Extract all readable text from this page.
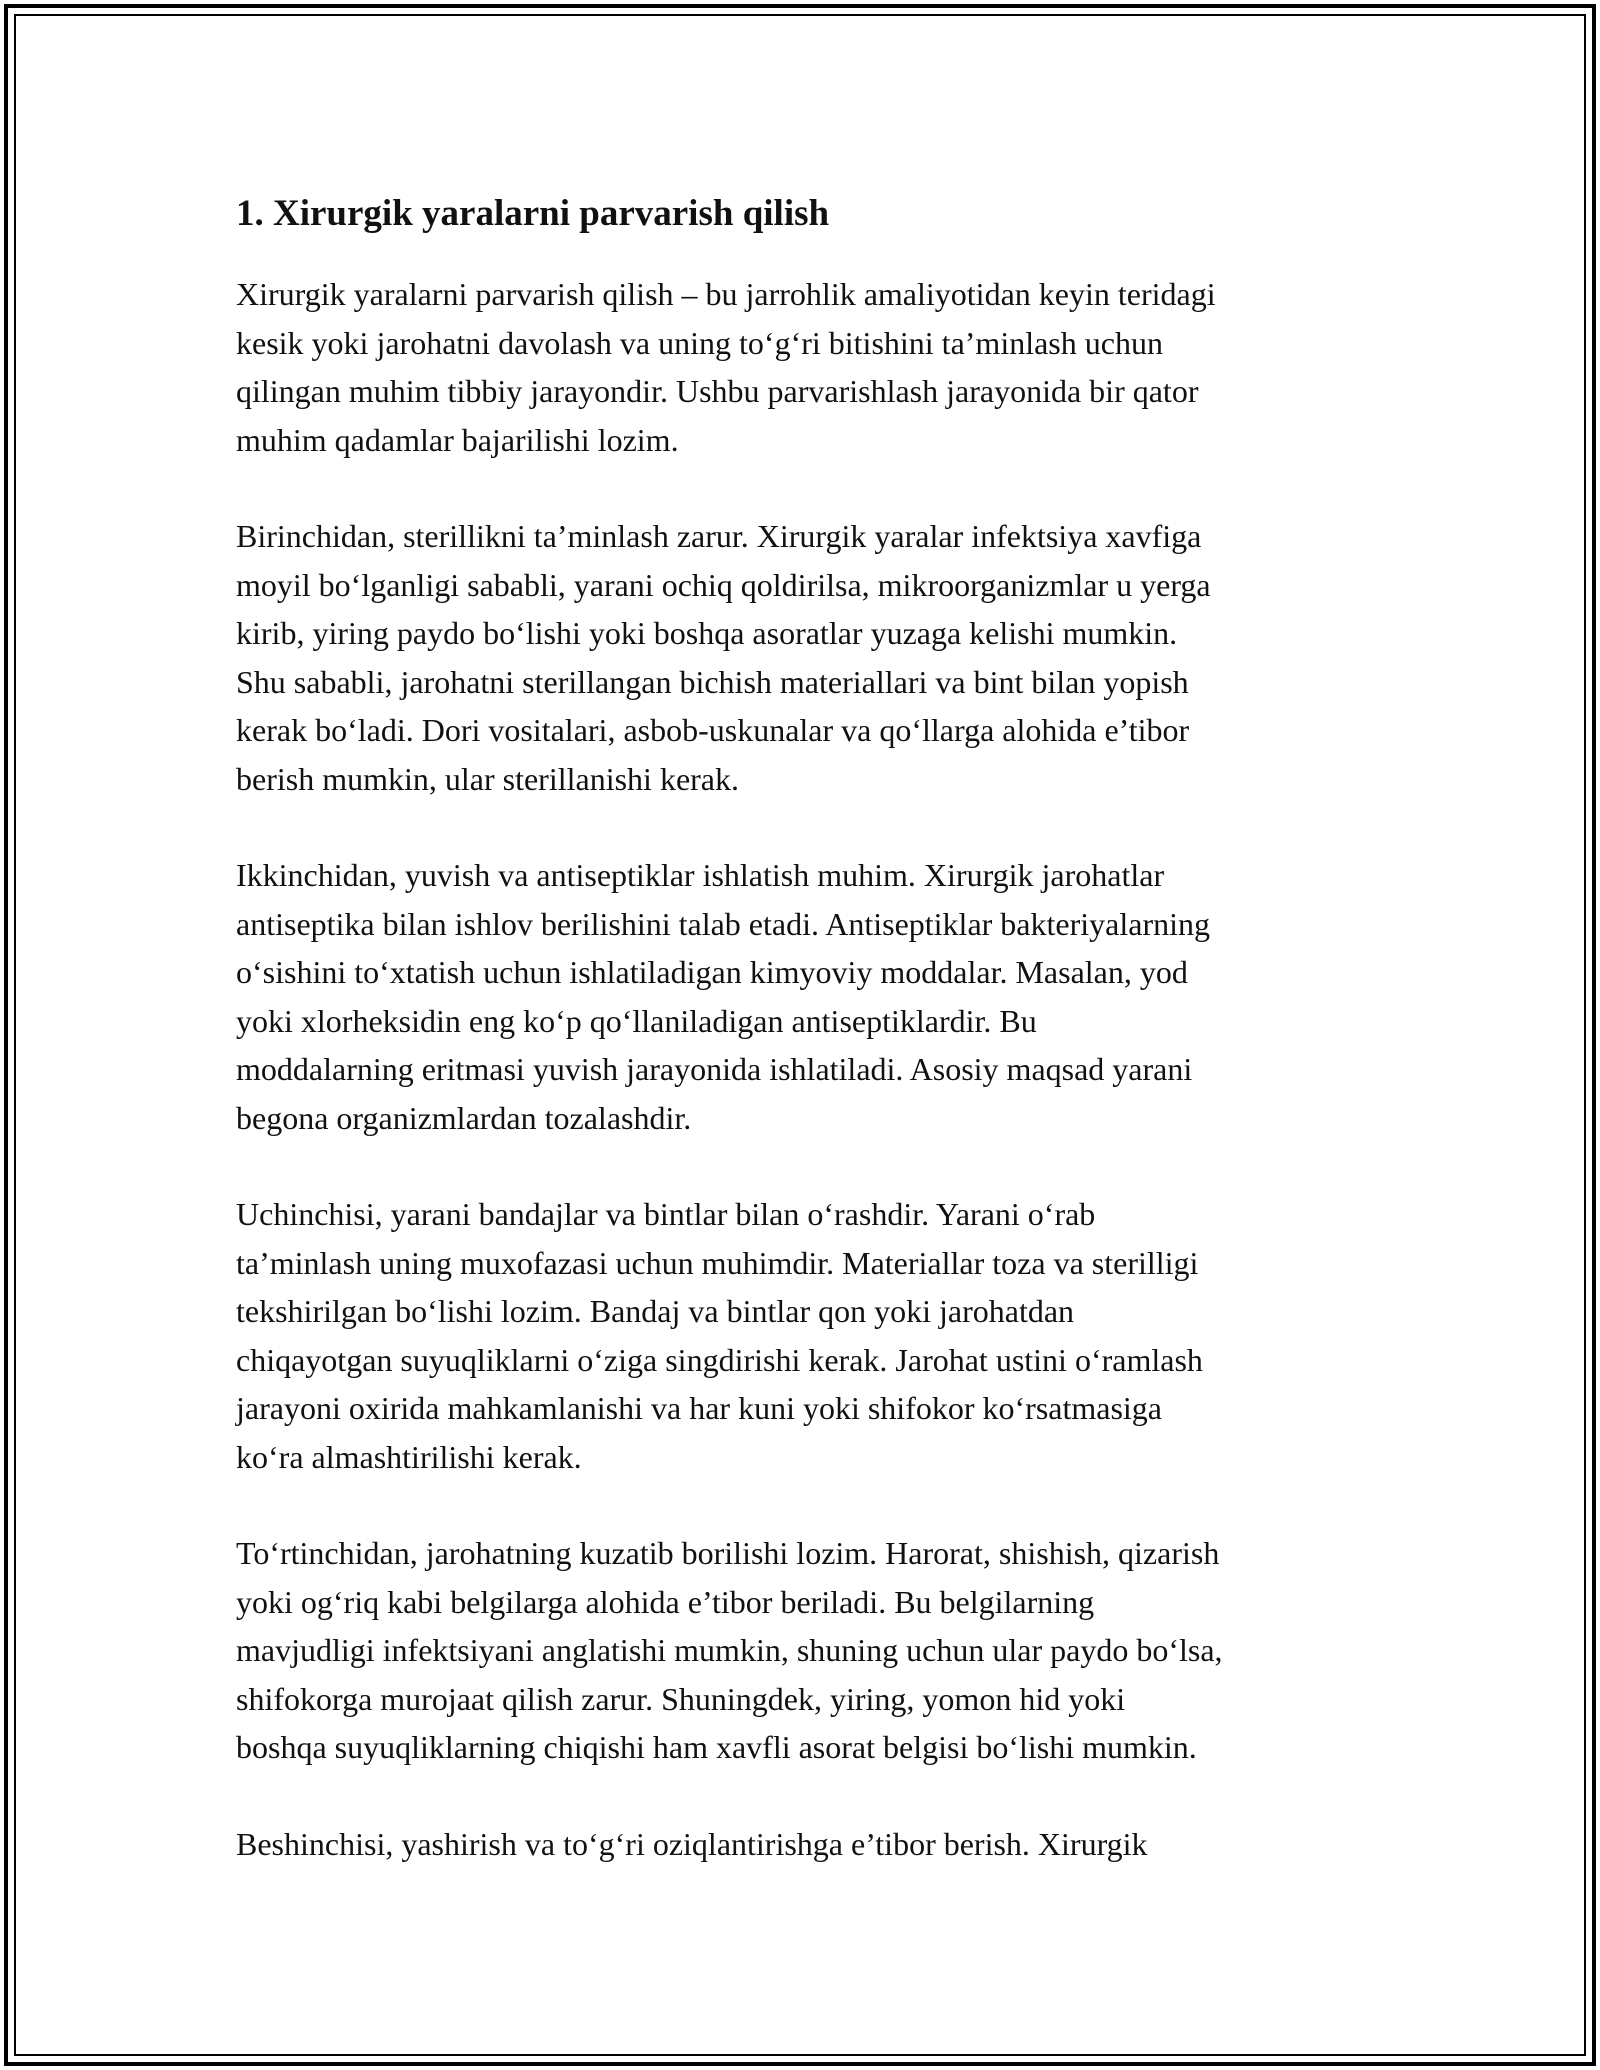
1. Xirurgik yaralarni parvarish qilish
Xirurgik yaralarni parvarish qilish – bu jarrohlik amaliyotidan keyin teridagi
kesik yoki jarohatni davolash va uning to‘g‘ri bitishini ta’minlash uchun
qilingan muhim tibbiy jarayondir. Ushbu parvarishlash jarayonida bir qator
muhim qadamlar bajarilishi lozim.
Birinchidan, sterillikni ta’minlash zarur. Xirurgik yaralar infektsiya xavfiga
moyil bo‘lganligi sababli, yarani ochiq qoldirilsa, mikroorganizmlar u yerga
kirib, yiring paydo bo‘lishi yoki boshqa asoratlar yuzaga kelishi mumkin.
Shu sababli, jarohatni sterillangan bichish materiallari va bint bilan yopish
kerak bo‘ladi. Dori vositalari, asbob-uskunalar va qo‘llarga alohida e’tibor
berish mumkin, ular sterillanishi kerak.
Ikkinchidan, yuvish va antiseptiklar ishlatish muhim. Xirurgik jarohatlar
antiseptika bilan ishlov berilishini talab etadi. Antiseptiklar bakteriyalarning
o‘sishini to‘xtatish uchun ishlatiladigan kimyoviy moddalar. Masalan, yod
yoki xlorheksidin eng ko‘p qo‘llaniladigan antiseptiklardir. Bu
moddalarning eritmasi yuvish jarayonida ishlatiladi. Asosiy maqsad yarani
begona organizmlardan tozalashdir.
Uchinchisi, yarani bandajlar va bintlar bilan o‘rashdir. Yarani o‘rab
ta’minlash uning muxofazasi uchun muhimdir. Materiallar toza va sterilligi
tekshirilgan bo‘lishi lozim. Bandaj va bintlar qon yoki jarohatdan
chiqayotgan suyuqliklarni o‘ziga singdirishi kerak. Jarohat ustini o‘ramlash
jarayoni oxirida mahkamlanishi va har kuni yoki shifokor ko‘rsatmasiga
ko‘ra almashtirilishi kerak.
To‘rtinchidan, jarohatning kuzatib borilishi lozim. Harorat, shishish, qizarish
yoki og‘riq kabi belgilarga alohida e’tibor beriladi. Bu belgilarning
mavjudligi infektsiyani anglatishi mumkin, shuning uchun ular paydo bo‘lsa,
shifokorga murojaat qilish zarur. Shuningdek, yiring, yomon hid yoki
boshqa suyuqliklarning chiqishi ham xavfli asorat belgisi bo‘lishi mumkin.
Beshinchisi, yashirish va to‘g‘ri oziqlantirishga e’tibor berish. Xirurgik
